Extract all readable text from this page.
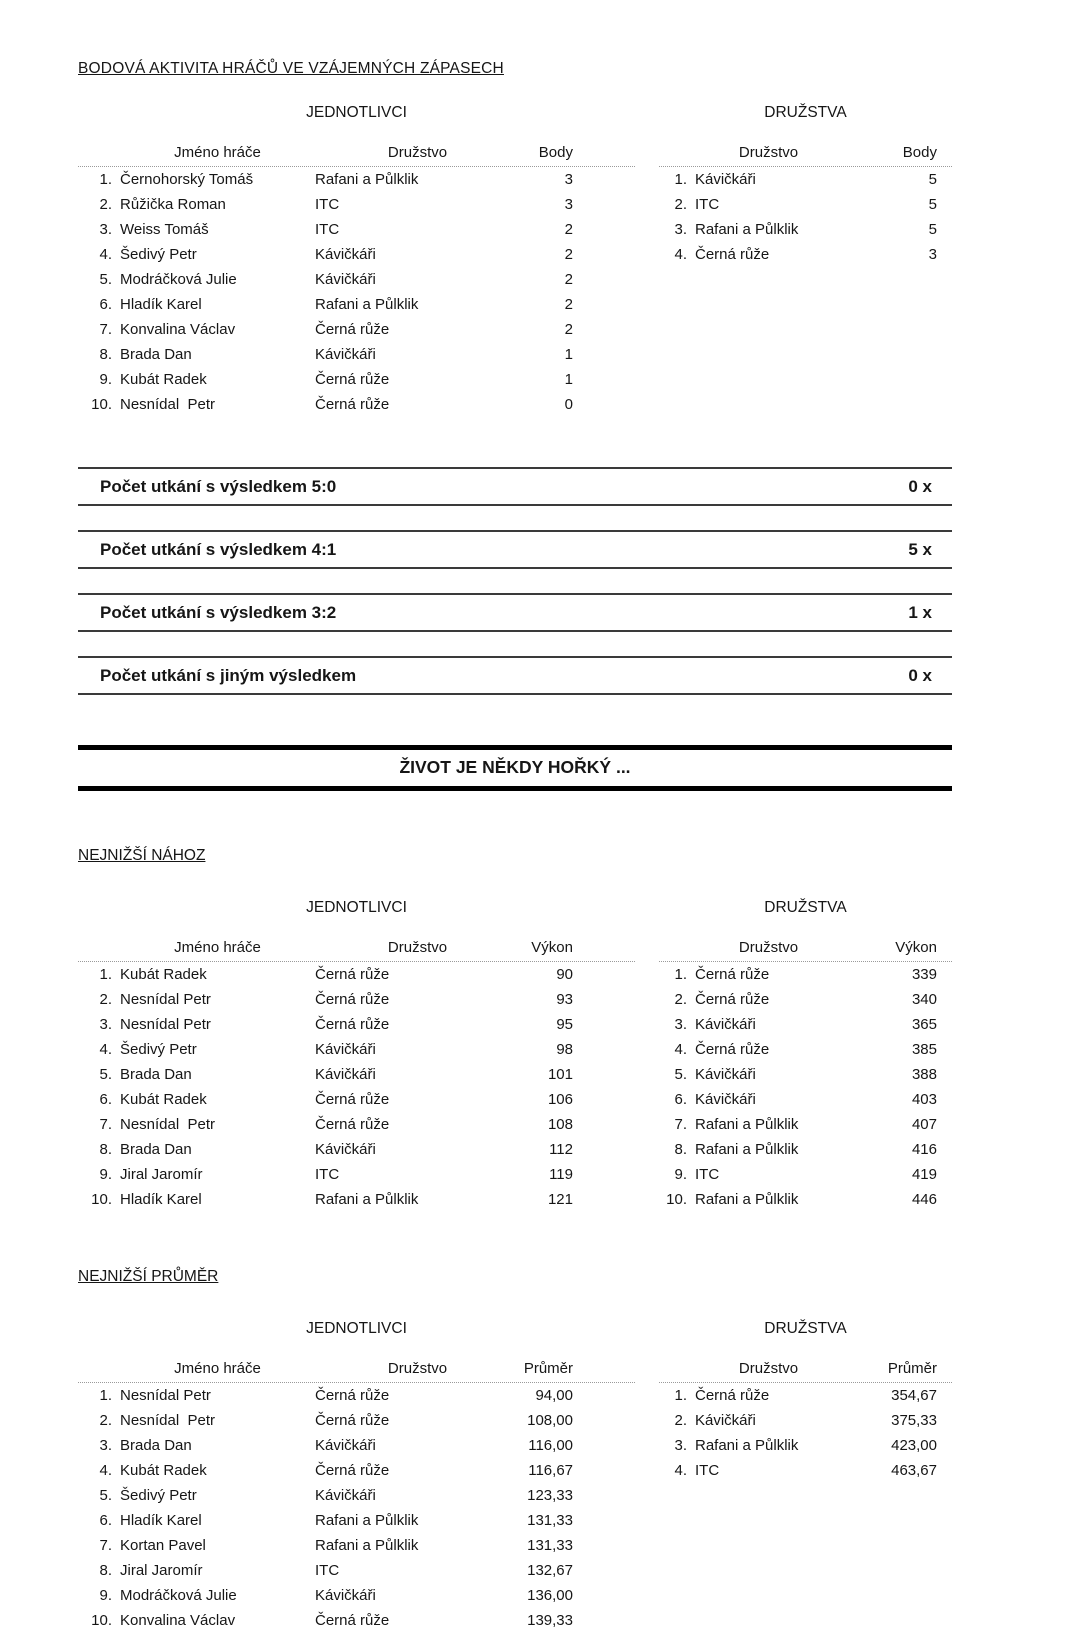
BODOVÁ AKTIVITA HRÁČŮ VE VZÁJEMNÝCH ZÁPASECH
JEDNOTLIVCI
Jméno hráče	Družstvo	Body
1. Černohorský Tomáš	Rafani a Půlklik	3
2. Růžička Roman	ITC	3
3. Weiss Tomáš	ITC	2
4. Šedivý Petr	Kávičkáři	2
5. Modráčková Julie	Kávičkáři	2
6. Hladík Karel	Rafani a Půlklik	2
7. Konvalina Václav	Černá růže	2
8. Brada Dan	Kávičkáři	1
9. Kubát Radek	Černá růže	1
10. Nesnídal  Petr	Černá růže	0
DRUŽSTVA
Družstvo	Body
1. Kávičkáři	5
2. ITC	5
3. Rafani a Půlklik	5
4. Černá růže	3
Počet utkání s výsledkem 5:0	0 x
Počet utkání s výsledkem 4:1	5 x
Počet utkání s výsledkem 3:2	1 x
Počet utkání s jiným výsledkem	0 x
ŽIVOT JE NĚKDY HOŘKÝ ...
NEJNIŽŠÍ NÁHOZ
JEDNOTLIVCI
Jméno hráče	Družstvo	Výkon
1. Kubát Radek	Černá růže	90
2. Nesnídal Petr	Černá růže	93
3. Nesnídal Petr	Černá růže	95
4. Šedivý Petr	Kávičkáři	98
5. Brada Dan	Kávičkáři	101
6. Kubát Radek	Černá růže	106
7. Nesnídal  Petr	Černá růže	108
8. Brada Dan	Kávičkáři	112
9. Jiral Jaromír	ITC	119
10. Hladík Karel	Rafani a Půlklik	121
DRUŽSTVA
Družstvo	Výkon
1. Černá růže	339
2. Černá růže	340
3. Kávičkáři	365
4. Černá růže	385
5. Kávičkáři	388
6. Kávičkáři	403
7. Rafani a Půlklik	407
8. Rafani a Půlklik	416
9. ITC	419
10. Rafani a Půlklik	446
NEJNIŽŠÍ PRŮMĚR
JEDNOTLIVCI
Jméno hráče	Družstvo	Průměr
1. Nesnídal Petr	Černá růže	94,00
2. Nesnídal  Petr	Černá růže	108,00
3. Brada Dan	Kávičkáři	116,00
4. Kubát Radek	Černá růže	116,67
5. Šedivý Petr	Kávičkáři	123,33
6. Hladík Karel	Rafani a Půlklik	131,33
7. Kortan Pavel	Rafani a Půlklik	131,33
8. Jiral Jaromír	ITC	132,67
9. Modráčková Julie	Kávičkáři	136,00
10. Konvalina Václav	Černá růže	139,33
DRUŽSTVA
Družstvo	Průměr
1. Černá růže	354,67
2. Kávičkáři	375,33
3. Rafani a Půlklik	423,00
4. ITC	463,67
